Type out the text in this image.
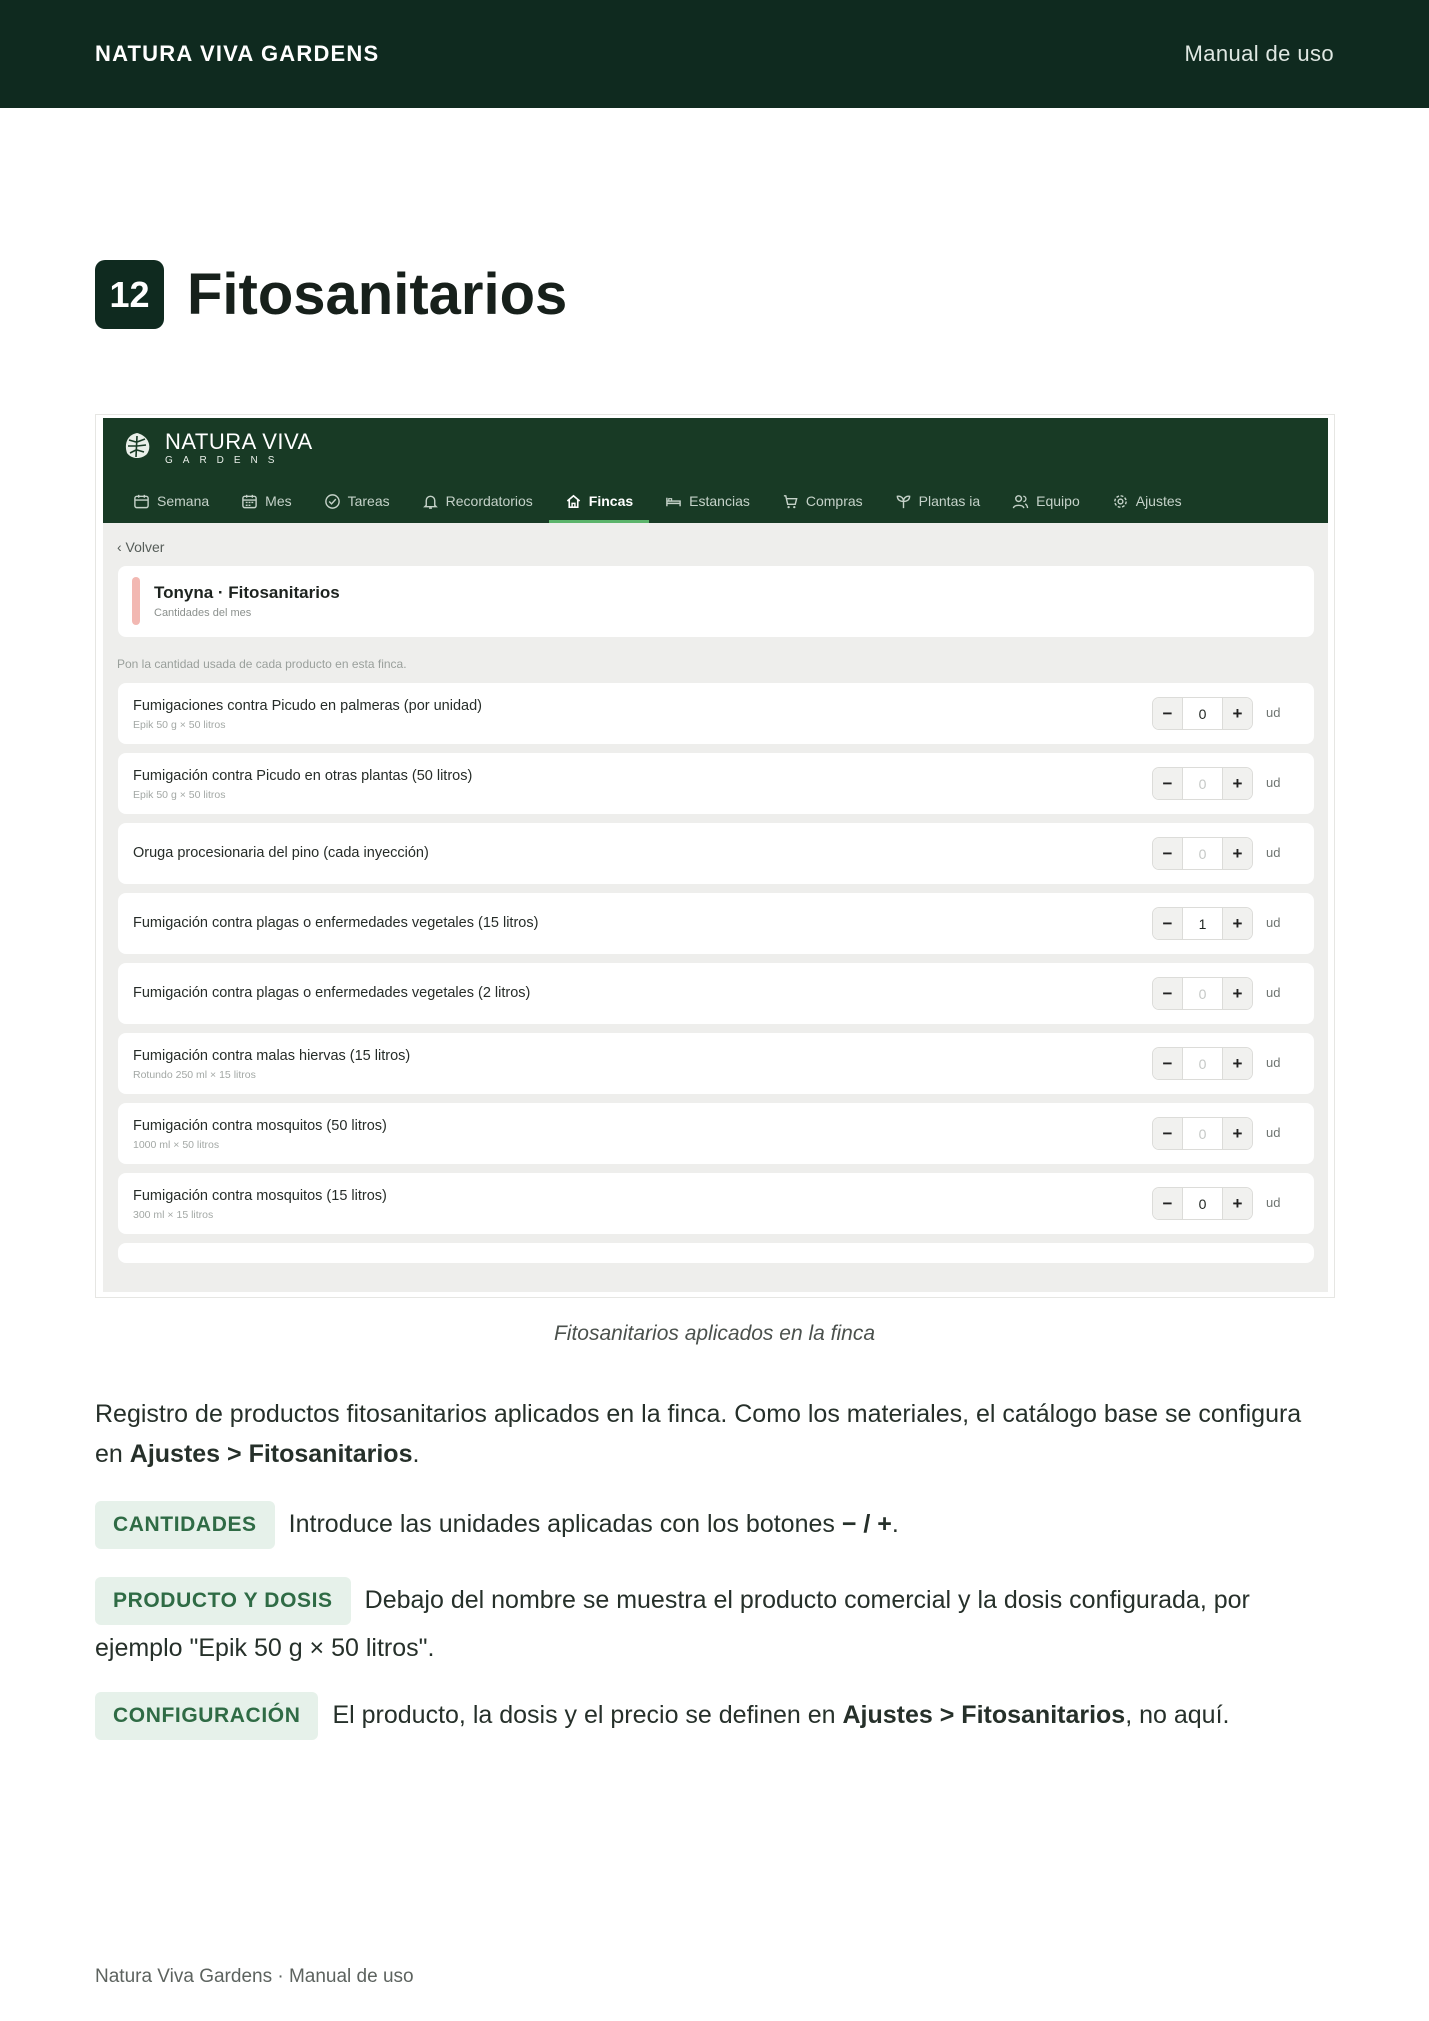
NATURA VIVA GARDENS	Manual de uso
12 Fitosanitarios
NATURA VIVA
GARDENS
Semana	Mes	Tareas	Recordatorios	Fincas	Estancias	Compras	Plantas ia	Equipo	Ajustes
‹ Volver
Tonyna · Fitosanitarios
Cantidades del mes
Pon la cantidad usada de cada producto en esta finca.
Fumigaciones contra Picudo en palmeras (por unidad)
Epik 50 g × 50 litros
−	0	+	ud
Fumigación contra Picudo en otras plantas (50 litros)
Epik 50 g × 50 litros
−	0	+	ud
Oruga procesionaria del pino (cada inyección)	−	0	+	ud
Fumigación contra plagas o enfermedades vegetales (15 litros)	−	1	+	ud
Fumigación contra plagas o enfermedades vegetales (2 litros)	−	0	+	ud
Fumigación contra malas hiervas (15 litros)
Rotundo 250 ml × 15 litros
−	0	+	ud
Fumigación contra mosquitos (50 litros)
1000 ml × 50 litros
−	0	+	ud
Fumigación contra mosquitos (15 litros)
300 ml × 15 litros
−	0	+	ud
Fitosanitarios aplicados en la finca
Registro de productos fitosanitarios aplicados en la finca. Como los materiales, el catálogo base se configura en Ajustes > Fitosanitarios.
CANTIDADES Introduce las unidades aplicadas con los botones − / +.
PRODUCTO Y DOSIS Debajo del nombre se muestra el producto comercial y la dosis configurada, por ejemplo "Epik 50 g × 50 litros".
CONFIGURACIÓN El producto, la dosis y el precio se definen en Ajustes > Fitosanitarios, no aquí.
Natura Viva Gardens · Manual de uso
